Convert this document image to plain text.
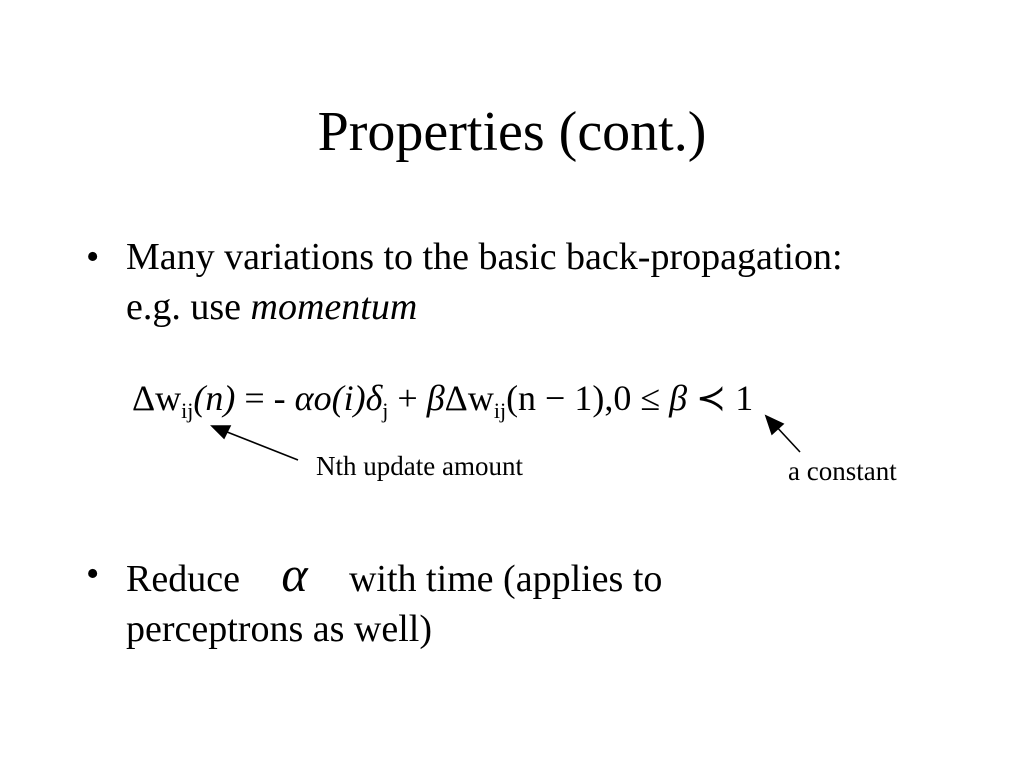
Properties (cont.)
• Many variations to the basic back-propagation: e.g. use momentum
$\Delta w_{ij}(n)$ = - $\alpha o(i)\delta_j + \beta\Delta w_{ij}(n - 1),0 \le \beta$ ≺ 1
Nth update amount	a constant
• Reduce α with time (applies to perceptrons as well)
